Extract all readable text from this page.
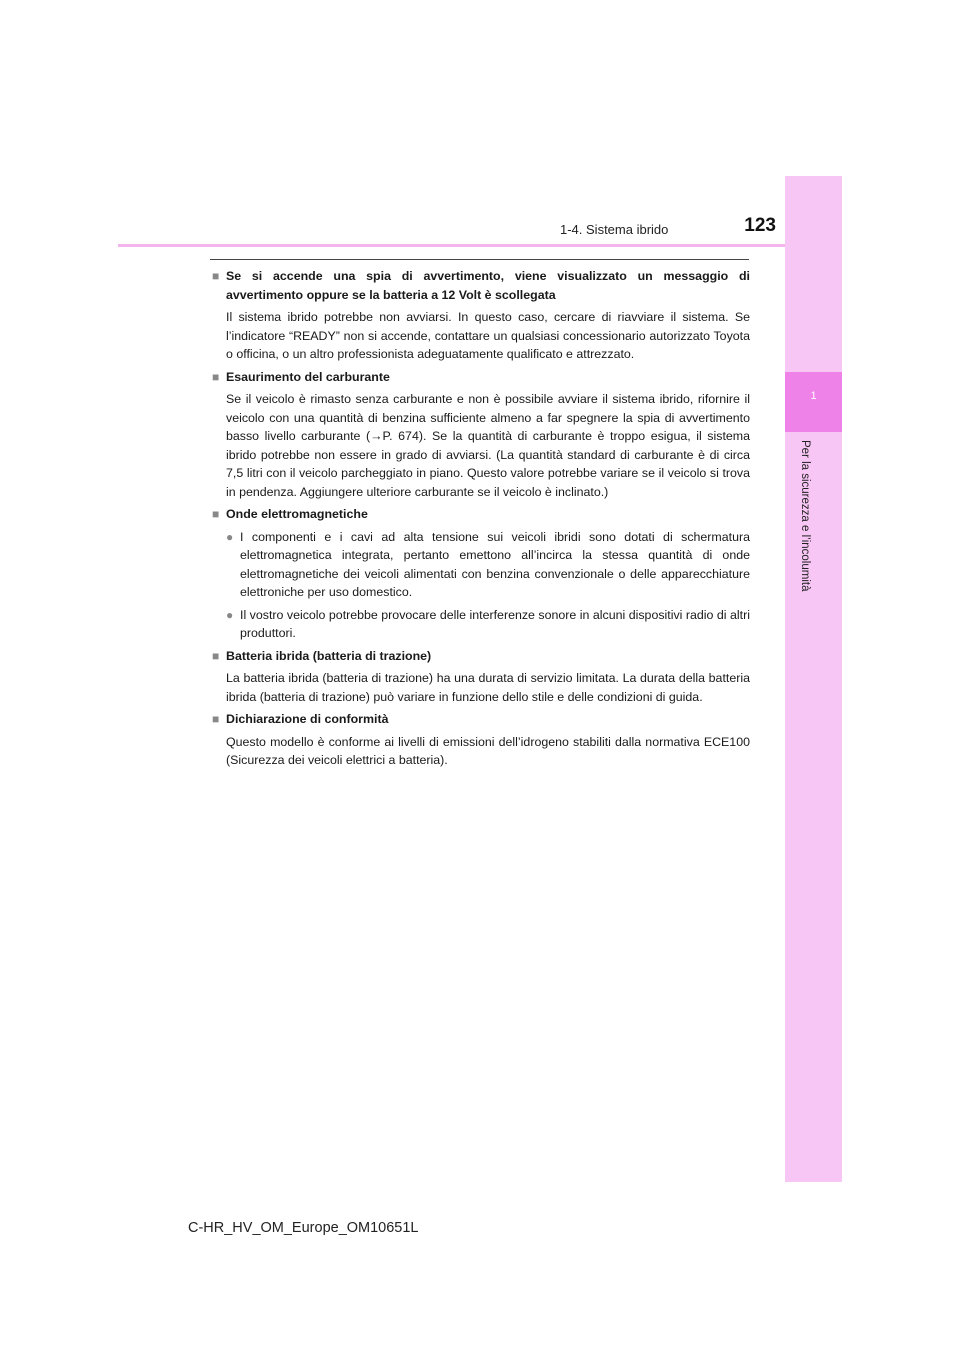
1
Per la sicurezza e l’incolumità
1-4. Sistema ibrido	123
■ Se si accende una spia di avvertimento, viene visualizzato un messaggio di avvertimento oppure se la batteria a 12 Volt è scollegata
Il sistema ibrido potrebbe non avviarsi. In questo caso, cercare di riavviare il sistema. Se l’indicatore “READY” non si accende, contattare un qualsiasi concessionario autorizzato Toyota o officina, o un altro professionista adeguatamente qualificato e attrezzato.
■ Esaurimento del carburante
Se il veicolo è rimasto senza carburante e non è possibile avviare il sistema ibrido, rifornire il veicolo con una quantità di benzina sufficiente almeno a far spegnere la spia di avvertimento basso livello carburante (→P. 674). Se la quantità di carburante è troppo esigua, il sistema ibrido potrebbe non essere in grado di avviarsi. (La quantità standard di carburante è di circa 7,5 litri con il veicolo parcheggiato in piano. Questo valore potrebbe variare se il veicolo si trova in pendenza. Aggiungere ulteriore carburante se il veicolo è inclinato.)
■ Onde elettromagnetiche
● I componenti e i cavi ad alta tensione sui veicoli ibridi sono dotati di schermatura elettromagnetica integrata, pertanto emettono all’incirca la stessa quantità di onde elettromagnetiche dei veicoli alimentati con benzina convenzionale o delle apparecchiature elettroniche per uso domestico.
● Il vostro veicolo potrebbe provocare delle interferenze sonore in alcuni dispositivi radio di altri produttori.
■ Batteria ibrida (batteria di trazione)
La batteria ibrida (batteria di trazione) ha una durata di servizio limitata. La durata della batteria ibrida (batteria di trazione) può variare in funzione dello stile e delle condizioni di guida.
■ Dichiarazione di conformità
Questo modello è conforme ai livelli di emissioni dell’idrogeno stabiliti dalla normativa ECE100 (Sicurezza dei veicoli elettrici a batteria).
C-HR_HV_OM_Europe_OM10651L
